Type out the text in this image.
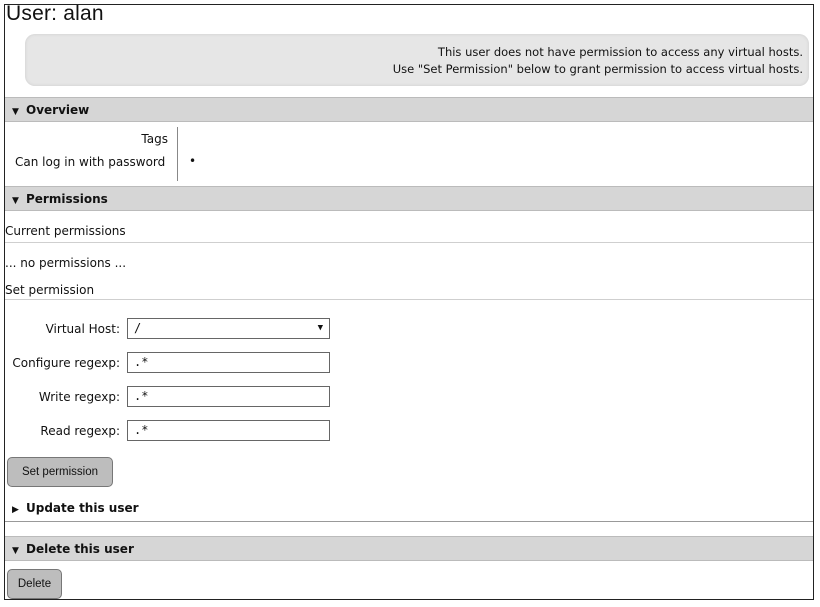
User: alan
This user does not have permission to access any virtual hosts.
Use "Set Permission" below to grant permission to access virtual hosts.
▼ Overview
Tags
Can log in with password •
▼ Permissions
Current permissions
... no permissions ...
Set permission
Virtual Host:	/	▼
Configure regexp:	.*
Write regexp:	.*
Read regexp:	.*
Set permission
▶ Update this user
▼ Delete this user
Delete
